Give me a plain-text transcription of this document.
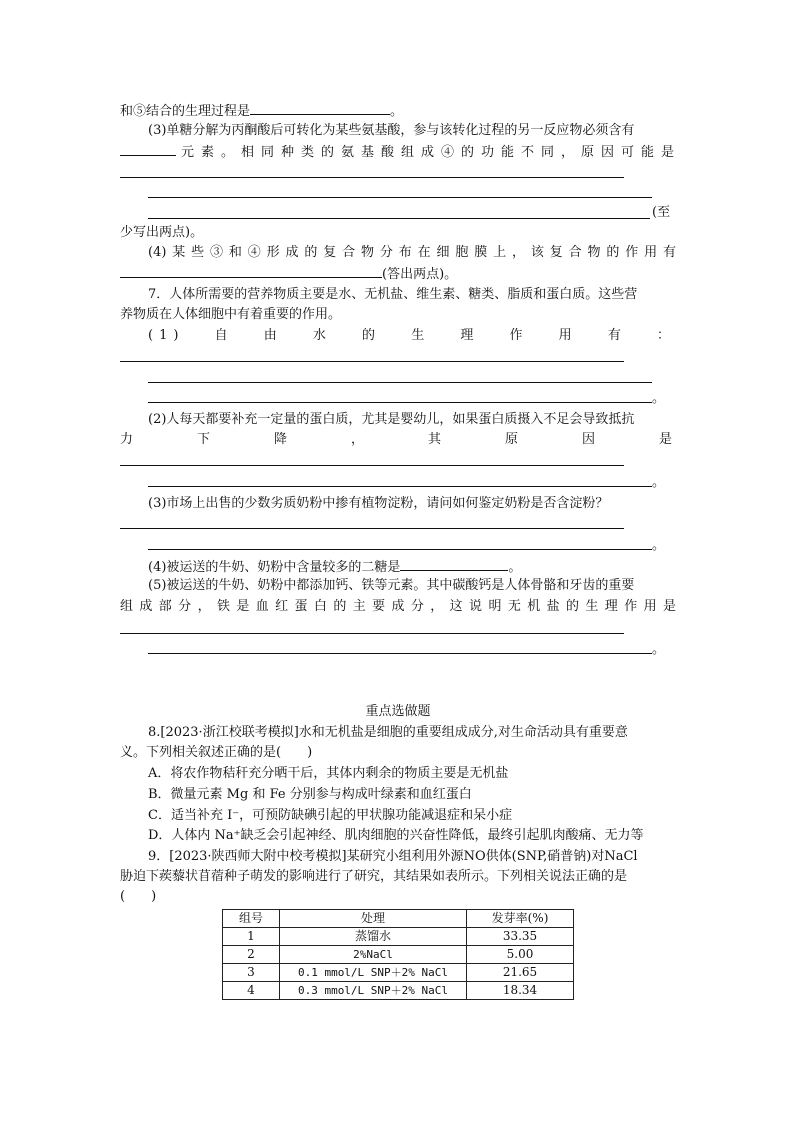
和⑤结合的生理过程是	。
(3)单糖分解为丙酮酸后可转化为某些氨基酸，参与该转化过程的另一反应物必须含有
元素。相同种类的氨基酸组成④的功能不同，原因可能是
(至
少写出两点)。
(4)某些③和④形成的复合物分布在细胞膜上，该复合物的作用有
(答出两点)。
7．人体所需要的营养物质主要是水、无机盐、维生素、糖类、脂质和蛋白质。这些营
养物质在人体细胞中有着重要的作用。
(1)自由水的生理作用有：
。
(2)人每天都要补充一定量的蛋白质，尤其是婴幼儿，如果蛋白质摄入不足会导致抵抗
力下降，其原因是
。
(3)市场上出售的少数劣质奶粉中掺有植物淀粉，请问如何鉴定奶粉是否含淀粉？
。
(4)被运送的牛奶、奶粉中含量较多的二糖是	。
(5)被运送的牛奶、奶粉中都添加钙、铁等元素。其中碳酸钙是人体骨骼和牙齿的重要
组成部分，铁是血红蛋白的主要成分，这说明无机盐的生理作用是
。
重点选做题
8.[2023·浙江校联考模拟]水和无机盐是细胞的重要组成成分,对生命活动具有重要意
义。下列相关叙述正确的是(　　)
A．将农作物秸秆充分晒干后，其体内剩余的物质主要是无机盐
B．微量元素 Mg 和 Fe 分别参与构成叶绿素和血红蛋白
C．适当补充 I⁻，可预防缺碘引起的甲状腺功能减退症和呆小症
D．人体内 Na⁺缺乏会引起神经、肌肉细胞的兴奋性降低，最终引起肌肉酸痛、无力等
9．[2023·陕西师大附中校考模拟]某研究小组利用外源NO供体(SNP,硝普钠)对NaCl
胁迫下蒺藜状苜蓿种子萌发的影响进行了研究，其结果如表所示。下列相关说法正确的是
(　　)
组号	处理	发芽率(%)
1	蒸馏水	33.35
2	2%NaCl	5.00
3	0.1 mmol/L SNP＋2% NaCl	21.65
4	0.3 mmol/L SNP＋2% NaCl	18.34
